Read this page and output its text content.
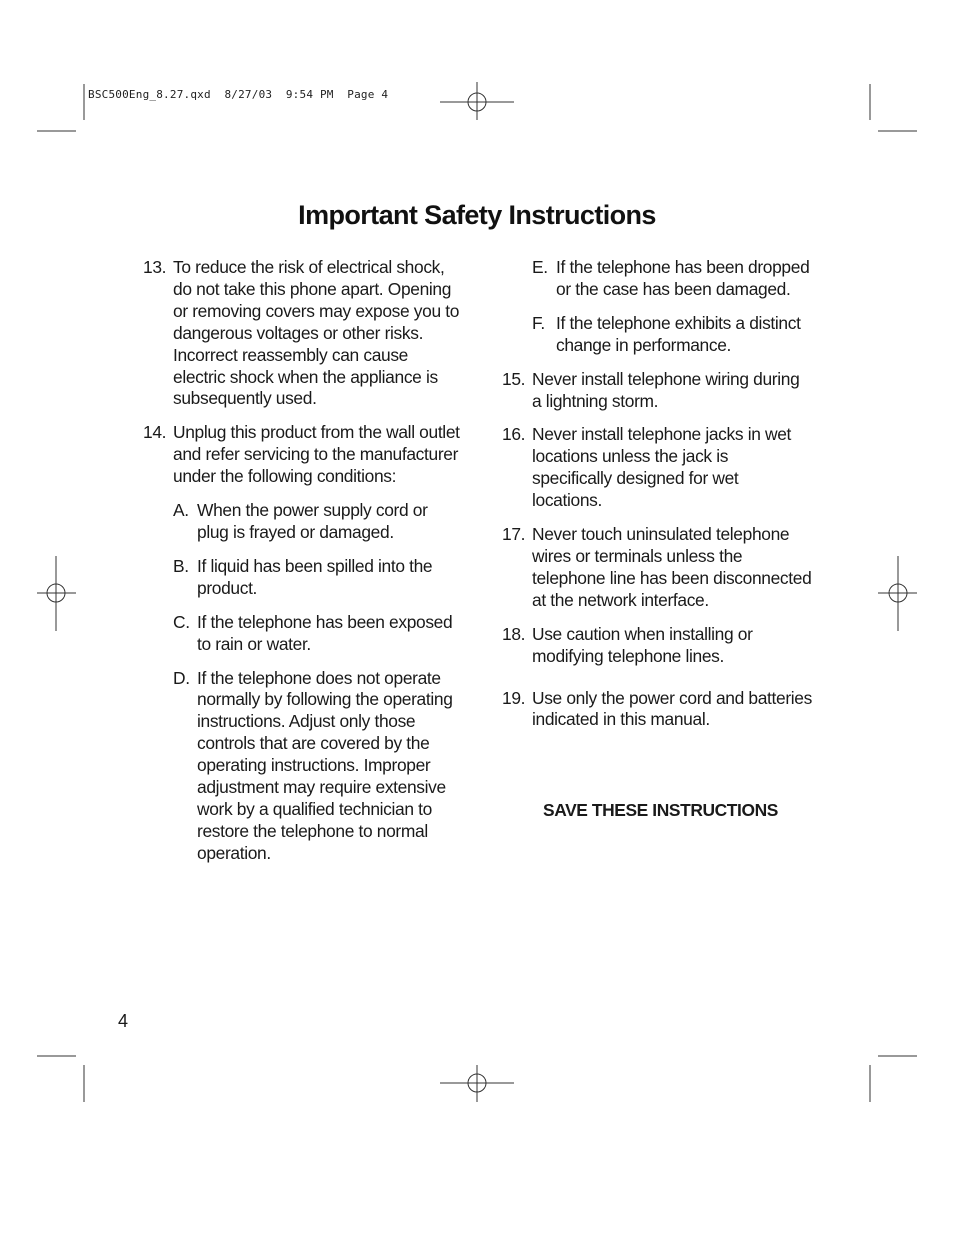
BSC500Eng_8.27.qxd  8/27/03  9:54 PM  Page 4
Important Safety Instructions
13. To reduce the risk of electrical shock, do not take this phone apart. Opening or removing covers may expose you to dangerous voltages or other risks. Incorrect reassembly can cause electric shock when the appliance is subsequently used.
14. Unplug this product from the wall outlet and refer servicing to the manufacturer under the following conditions:
A. When the power supply cord or plug is frayed or damaged.
B. If liquid has been spilled into the product.
C. If the telephone has been exposed to rain or water.
D. If the telephone does not operate normally by following the operating instructions. Adjust only those controls that are covered by the operating instructions. Improper adjustment may require extensive work by a qualified technician to restore the telephone to normal operation.
E. If the telephone has been dropped or the case has been damaged.
F. If the telephone exhibits a distinct change in performance.
15. Never install telephone wiring during a lightning storm.
16. Never install telephone jacks in wet locations unless the jack is specifically designed for wet locations.
17. Never touch uninsulated telephone wires or terminals unless the telephone line has been disconnected at the network interface.
18. Use caution when installing or modifying telephone lines.
19. Use only the power cord and batteries indicated in this manual.
SAVE THESE INSTRUCTIONS
4
